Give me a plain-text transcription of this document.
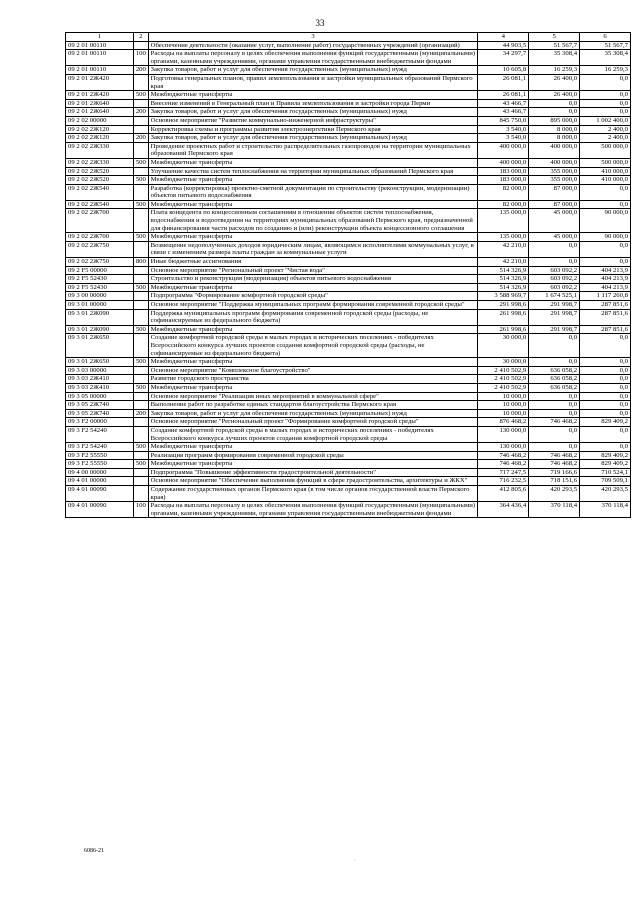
33
1	2	3	4	5	6
09 2 01 00110		Обеспечение деятельности (оказание услуг, выполнение работ) государственных учреждений (организаций)	44 903,5	51 567,7	51 567,7
09 2 01 00110	100	Расходы на выплаты персоналу в целях обеспечения выполнения функций государственными (муниципальными) органами, казенными учреждениями, органами управления государственными внебюджетными фондами	34 297,7	35 308,4	35 308,4
09 2 01 00110	200	Закупка товаров, работ и услуг для обеспечения государственных (муниципальных) нужд	10 605,8	16 259,3	16 259,3
09 2 01 2Ж420		Подготовка генеральных планов, правил землепользования и застройки муниципальных образований Пермского края	26 081,1	26 400,0	0,0
09 2 01 2Ж420	500	Межбюджетные трансферты	26 081,1	26 400,0	0,0
09 2 01 2Ж640		Внесение изменений в Генеральный план и Правила землепользования и застройки города Перми	43 466,7	0,0	0,0
09 2 01 2Ж640	200	Закупка товаров, работ и услуг для обеспечения государственных (муниципальных) нужд	43 466,7	0,0	0,0
09 2 02 00000		Основное мероприятие "Развитие коммунально-инженерной инфраструктуры"	845 750,0	895 000,0	1 002 400,0
09 2 02 2Ж120		Корректировка схемы и программы развития электроэнергетики Пермского края	3 540,0	8 000,0	2 400,0
09 2 02 2Ж120	200	Закупка товаров, работ и услуг для обеспечения государственных (муниципальных) нужд	3 540,0	8 000,0	2 400,0
09 2 02 2Ж330		Проведение проектных работ и строительство распределительных газопроводов на территории муниципальных образований Пермского края	400 000,0	400 000,0	500 000,0
09 2 02 2Ж330	500	Межбюджетные трансферты	400 000,0	400 000,0	500 000,0
09 2 02 2Ж520		Улучшение качества систем теплоснабжения на территории муниципальных образований Пермского края	183 000,0	355 000,0	410 000,0
09 2 02 2Ж520	500	Межбюджетные трансферты	183 000,0	355 000,0	410 000,0
09 2 02 2Ж540		Разработка (корректировка) проектно-сметной документации по строительству (реконструкции, модернизации) объектов питьевого водоснабжения	82 000,0	87 000,0	0,0
09 2 02 2Ж540	500	Межбюджетные трансферты	82 000,0	87 000,0	0,0
09 2 02 2Ж700		Плата концедента по концессионным соглашениям в отношении объектов систем теплоснабжения, водоснабжения и водоотведения на территориях муниципальных образований Пермского края, предназначенной для финансирования части расходов по созданию и (или) реконструкции объекта концессионного соглашения	135 000,0	45 000,0	90 000,0
09 2 02 2Ж700	500	Межбюджетные трансферты	135 000,0	45 000,0	90 000,0
09 2 02 2Ж750		Возмещение недополученных доходов юридическим лицам, являющимся исполнителями коммунальных услуг, в связи с изменением размера платы граждан за коммунальные услуги	42 210,0	0,0	0,0
09 2 02 2Ж750	800	Иные бюджетные ассигнования	42 210,0	0,0	0,0
09 2 F5 00000		Основное мероприятие "Региональный проект "Чистая вода"	514 326,9	603 092,2	404 213,9
09 2 F5 52430		Строительство и реконструкция (модернизация) объектов питьевого водоснабжения	514 326,9	603 092,2	404 213,9
09 2 F5 52430	500	Межбюджетные трансферты	514 326,9	603 092,2	404 213,9
09 3 00 00000		Подпрограмма "Формирование комфортной городской среды"	3 588 969,7	1 674 525,1	1 117 260,8
09 3 01 00000		Основное мероприятие "Поддержка муниципальных программ формирования современной городской среды"	291 998,6	291 998,7	287 851,6
09 3 01 2Ж090		Поддержка муниципальных программ формирования современной городской среды (расходы, не софинансируемые из федерального бюджета)	261 998,6	291 998,7	287 851,6
09 3 01 2Ж090	500	Межбюджетные трансферты	261 998,6	291 998,7	287 851,6
09 3 01 2Ж650		Создание комфортной городской среды в малых городах и исторических поселениях - победителях Всероссийского конкурса лучших проектов создания комфортной городской среды (расходы, не софинансируемые из федерального бюджета)	30 000,0	0,0	0,0
09 3 01 2Ж650	500	Межбюджетные трансферты	30 000,0	0,0	0,0
09 3 03 00000		Основное мероприятие "Комплексное благоустройство"	2 410 502,9	636 058,2	0,0
09 3 03 2Ж410		Развитие городского пространства	2 410 502,9	636 058,2	0,0
09 3 03 2Ж410	500	Межбюджетные трансферты	2 410 502,9	636 058,2	0,0
09 3 05 00000		Основное мероприятие "Реализация иных мероприятий в коммунальной сфере"	10 000,0	0,0	0,0
09 3 05 2Ж740		Выполнение работ по разработке единых стандартов благоустройства Пермского края	10 000,0	0,0	0,0
09 3 05 2Ж740	200	Закупка товаров, работ и услуг для обеспечения государственных (муниципальных) нужд	10 000,0	0,0	0,0
09 3 F2 00000		Основное мероприятие "Региональный проект "Формирование комфортной городской среды"	876 468,2	746 468,2	829 409,2
09 3 F2 54240		Создание комфортной городской среды в малых городах и исторических поселениях - победителях Всероссийского конкурса лучших проектов создания комфортной городской среды	130 000,0	0,0	0,0
09 3 F2 54240	500	Межбюджетные трансферты	130 000,0	0,0	0,0
09 3 F2 55550		Реализация программ формирования современной городской среды	746 468,2	746 468,2	829 409,2
09 3 F2 55550	500	Межбюджетные трансферты	746 468,2	746 468,2	829 409,2
09 4 00 00000		Подпрограмма "Повышение эффективности градостроительной деятельности"	717 247,5	719 166,6	710 524,1
09 4 01 00000		Основное мероприятие "Обеспечение выполнения функций в сфере градостроительства, архитектуры и ЖКХ"	716 232,5	718 151,6	709 509,1
09 4 01 00090		Содержание государственных органов Пермского края (в том числе органов государственной власти Пермского края)	412 805,6	420 293,5	420 293,5
09 4 01 00090	100	Расходы на выплаты персоналу в целях обеспечения выполнения функций государственными (муниципальными) органами, казенными учреждениями, органами управления государственными внебюджетными фондами	364 436,4	370 118,4	370 118,4
6086-21
·
